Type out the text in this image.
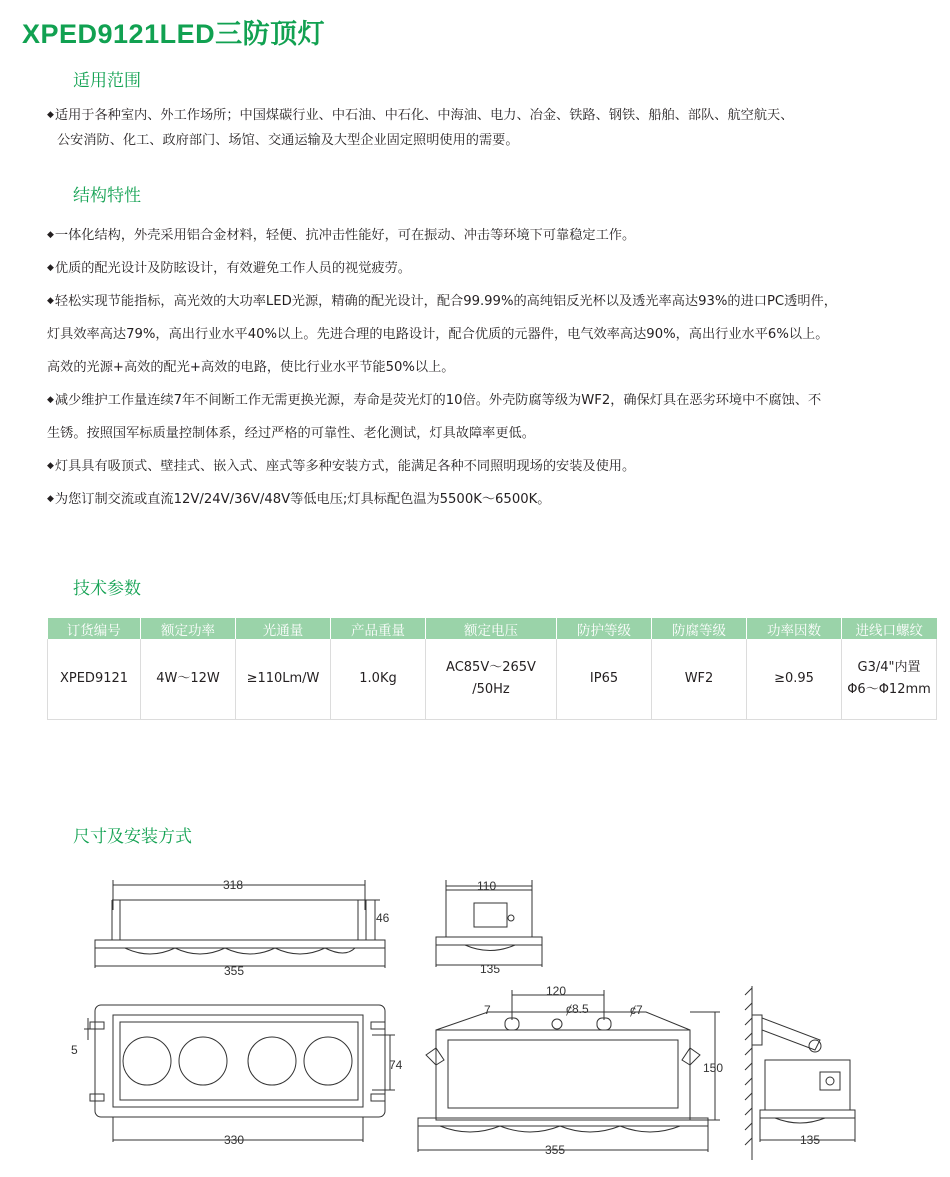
XPED9121LED三防顶灯
适用范围

◆适用于各种室内、外工作场所；中国煤碳行业、中石油、中石化、中海油、电力、冶金、铁路、钢铁、船舶、部队、航空航天、

公安消防、化工、政府部门、场馆、交通运输及大型企业固定照明使用的需要。

结构特性

◆一体化结构，外壳采用铝合金材料，轻便、抗冲击性能好，可在振动、冲击等环境下可靠稳定工作。

◆优质的配光设计及防眩设计，有效避免工作人员的视觉疲劳。

◆轻松实现节能指标，高光效的大功率LED光源，精确的配光设计，配合99.99%的高纯铝反光杯以及透光率高达93%的进口PC透明件，

灯具效率高达79%，高出行业水平40%以上。先进合理的电路设计，配合优质的元器件，电气效率高达90%，高出行业水平6%以上。

高效的光源+高效的配光+高效的电路，使比行业水平节能50%以上。

◆减少维护工作量连续7年不间断工作无需更换光源，寿命是荧光灯的10倍。外壳防腐等级为WF2，确保灯具在恶劣环境中不腐蚀、不

生锈。按照国军标质量控制体系，经过严格的可靠性、老化测试，灯具故障率更低。

◆灯具具有吸顶式、壁挂式、嵌入式、座式等多种安装方式，能满足各种不同照明现场的安装及使用。

◆为您订制交流或直流12V/24V/36V/48V等低电压;灯具标配色温为5500K～6500K。

技术参数
订货编号	额定功率	光通量	产品重量	额定电压	防护等级	防腐等级	功率因数	进线口螺纹
XPED9121	4W～12W	≥110Lm/W	1.0Kg	AC85V～265V
/50Hz	IP65	WF2	≥0.95	G3/4"内置
Φ6～Φ12mm
尺寸及安装方式
318
46
355
110
135
5
74
330
7
120
ȼ8.5	ȼ7
150
355
135
